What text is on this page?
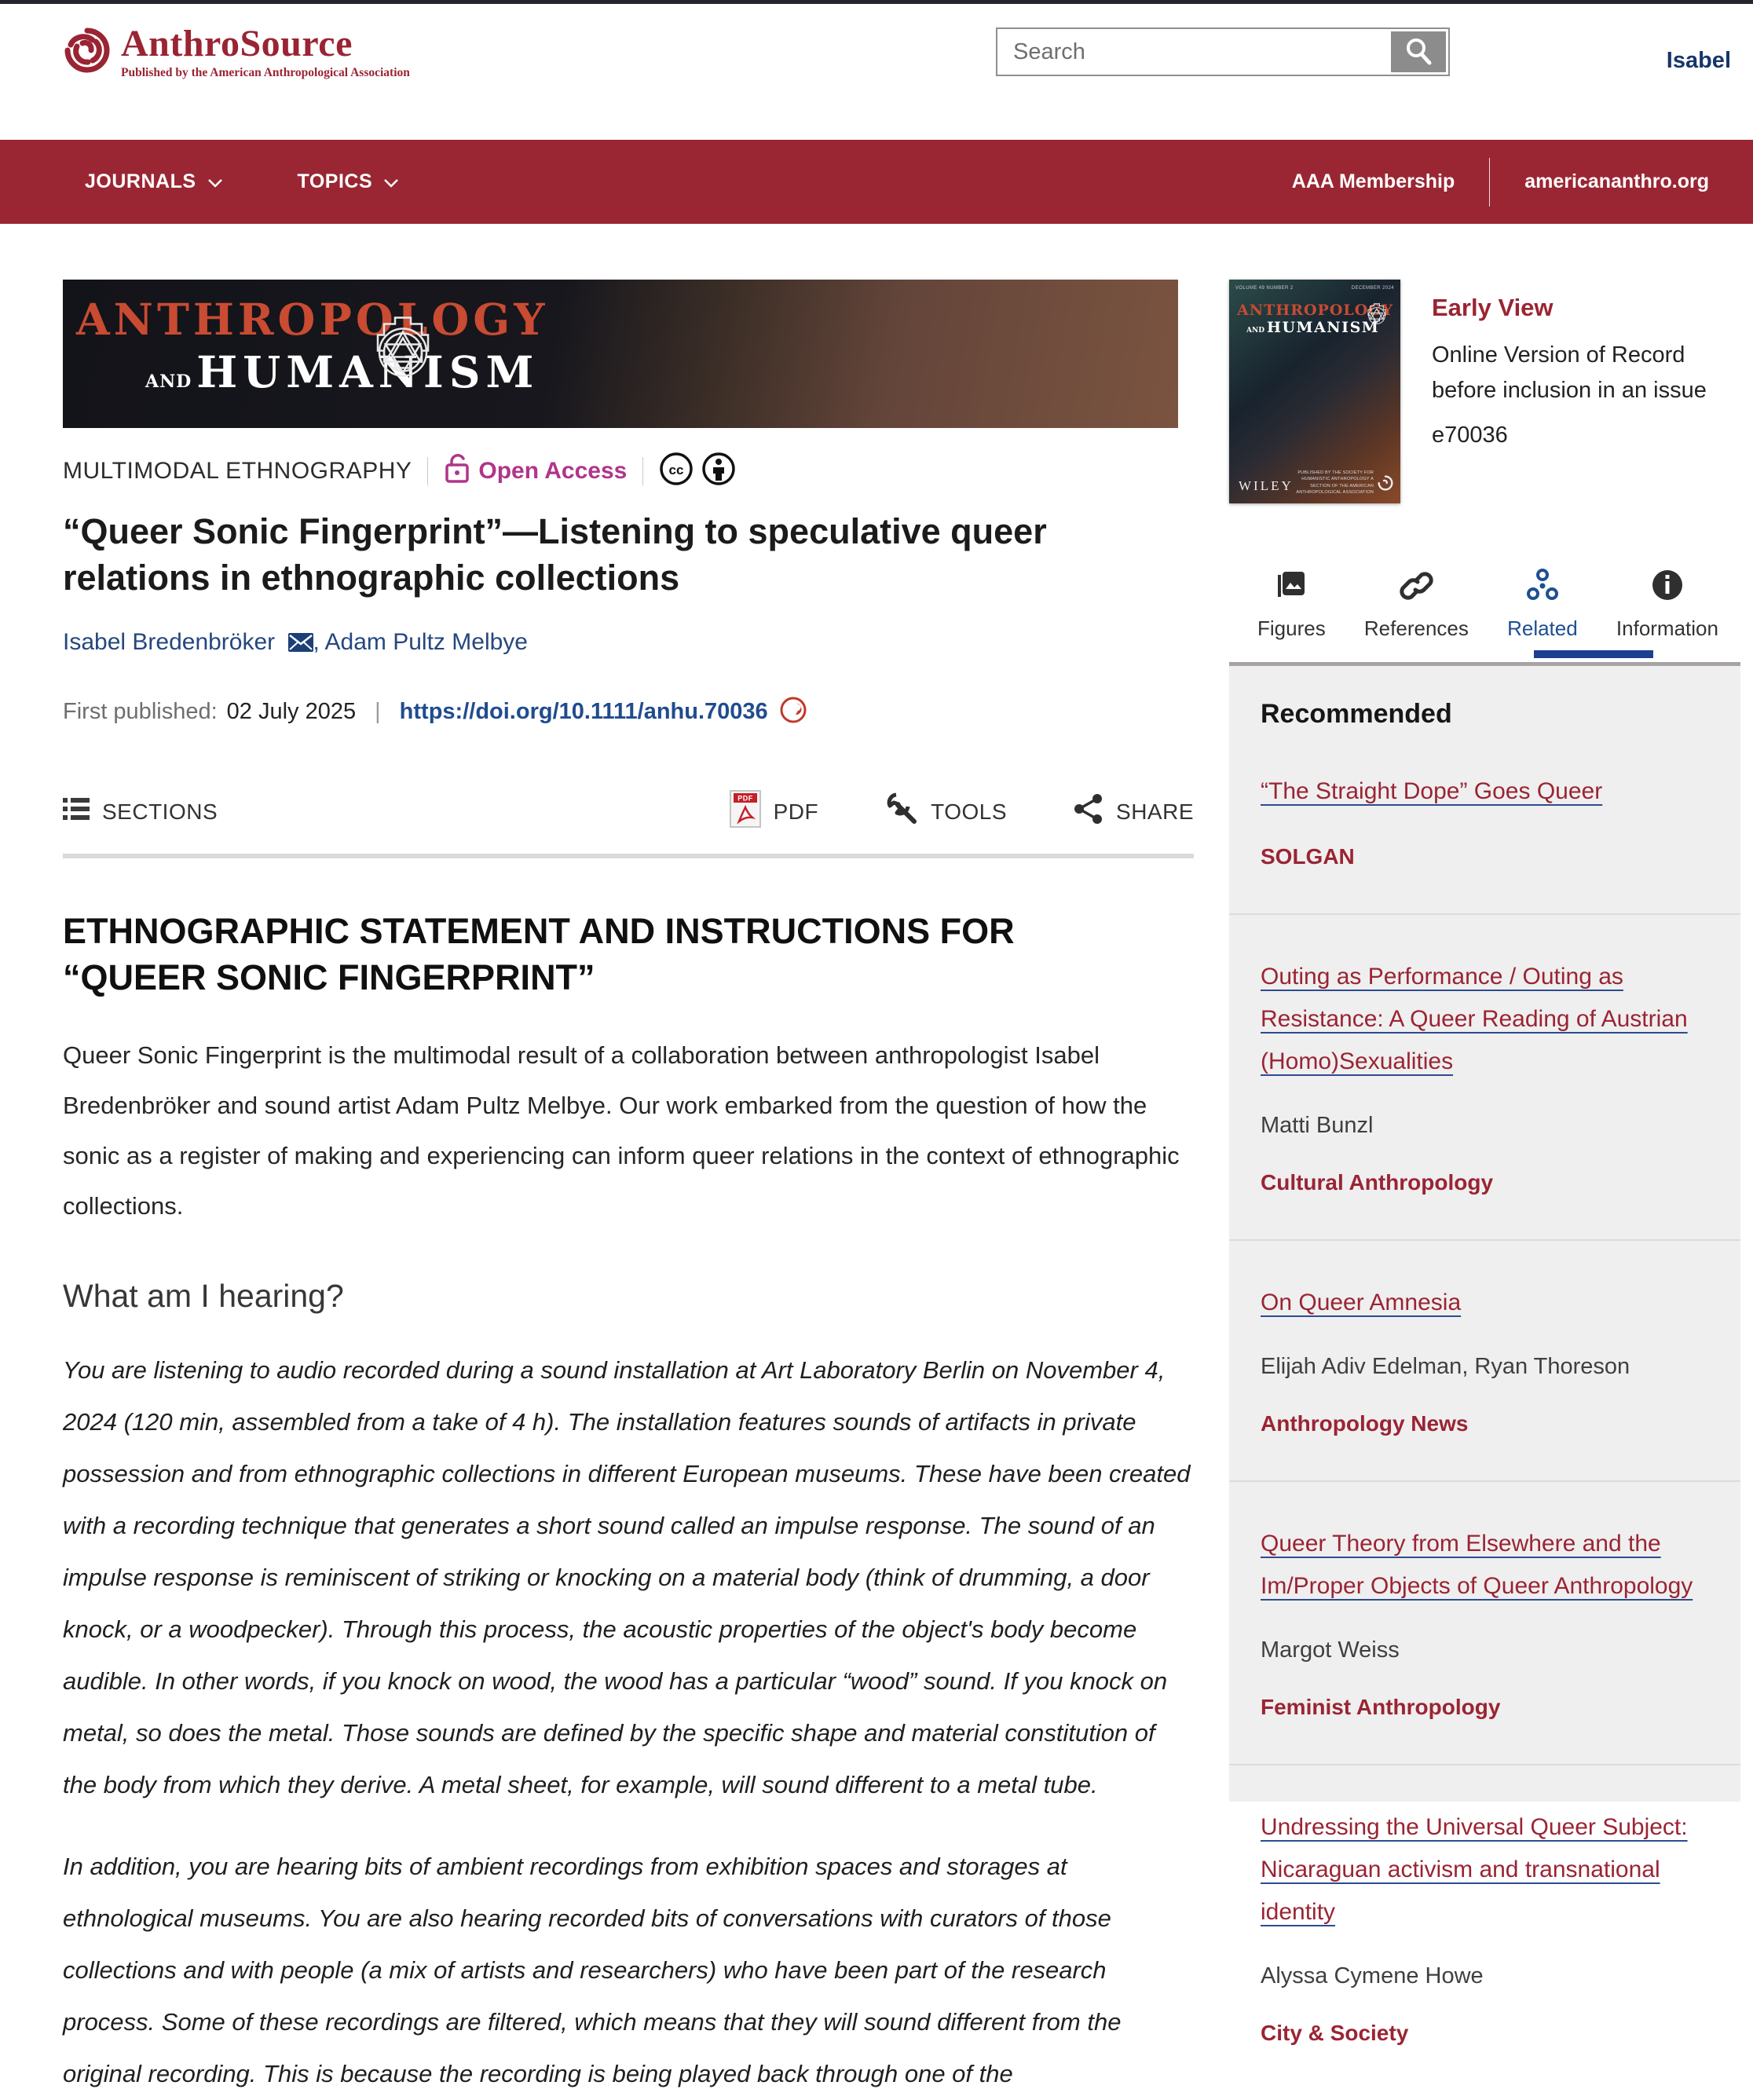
AnthroSource
Published by the American Anthropological Association
Search	Isabel
JOURNALS	TOPICS	AAA Membership	americananthro.org
ANTHROPOLOGY
AND HUMANISM
MULTIMODAL ETHNOGRAPHY	Open Access	cc
“Queer Sonic Fingerprint”—Listening to speculative queer relations in ethnographic collections
Isabel Bredenbröker , Adam Pultz Melbye
First published: 02 July 2025 | https://doi.org/10.1111/anhu.70036
SECTIONS
PDF
PDF	TOOLS	SHARE
ETHNOGRAPHIC STATEMENT AND INSTRUCTIONS FOR “QUEER SONIC FINGERPRINT”

Queer Sonic Fingerprint is the multimodal result of a collaboration between anthropologist Isabel Bredenbröker and sound artist Adam Pultz Melbye. Our work embarked from the question of how the sonic as a register of making and experiencing can inform queer relations in the context of ethnographic collections.

What am I hearing?

You are listening to audio recorded during a sound installation at Art Laboratory Berlin on November 4, 2024 (120 min, assembled from a take of 4 h). The installation features sounds of artifacts in private possession and from ethnographic collections in different European museums. These have been created with a recording technique that generates a short sound called an impulse response. The sound of an impulse response is reminiscent of striking or knocking on a material body (think of drumming, a door knock, or a woodpecker). Through this process, the acoustic properties of the object's body become audible. In other words, if you knock on wood, the wood has a particular “wood” sound. If you knock on metal, so does the metal. Those sounds are defined by the specific shape and material constitution of the body from which they derive. A metal sheet, for example, will sound different to a metal tube.

In addition, you are hearing bits of ambient recordings from exhibition spaces and storages at ethnological museums. You are also hearing recorded bits of conversations with curators of those collections and with people (a mix of artists and researchers) who have been part of the research process. Some of these recordings are filtered, which means that they will sound different from the original recording. This is because the recording is being played back through one of the

VOLUME 49 NUMBER 2	DECEMBER 2024
ANTHROPOLOGY
AND HUMANISM
WILEY
PUBLISHED BY THE SOCIETY FOR HUMANISTIC ANTHROPOLOGY A SECTION OF THE AMERICAN ANTHROPOLOGICAL ASSOCIATION
Early View
Online Version of Record before inclusion in an issue
e70036
Figures References Related Information
Recommended
“The Straight Dope” Goes Queer
SOLGAN
Outing as Performance / Outing as Resistance: A Queer Reading of Austrian (Homo)Sexualities
Matti Bunzl
Cultural Anthropology
On Queer Amnesia
Elijah Adiv Edelman, Ryan Thoreson
Anthropology News
Queer Theory from Elsewhere and the Im/Proper Objects of Queer Anthropology
Margot Weiss
Feminist Anthropology
Undressing the Universal Queer Subject: Nicaraguan activism and transnational identity
Alyssa Cymene Howe
City & Society
